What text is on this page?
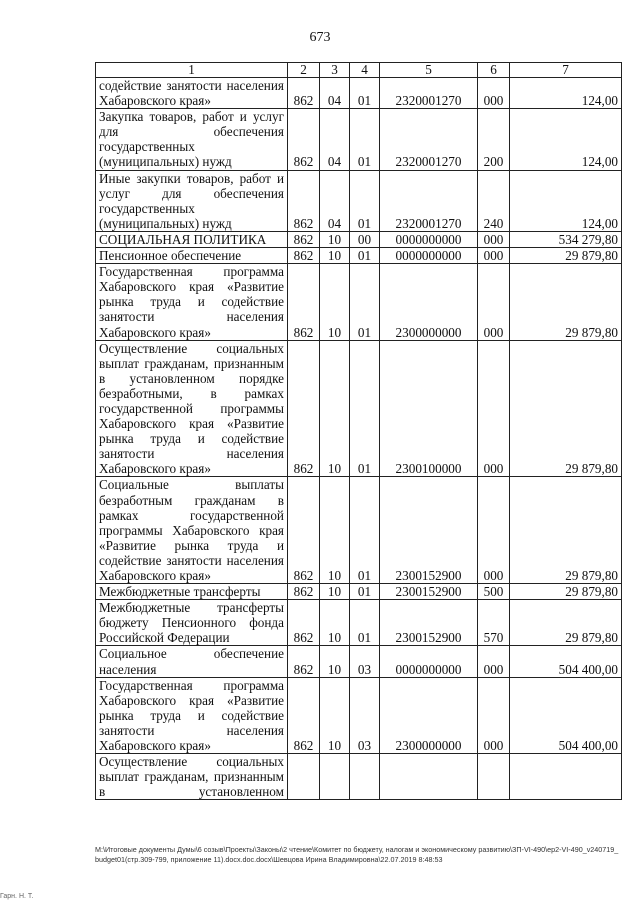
673
1	2	3	4	5	6	7
содействие занятости населения Хабаровского края»	862	04	01	2320001270	000	124,00
Закупка товаров, работ и услуг для обеспечения государственных (муниципальных) нужд	862	04	01	2320001270	200	124,00
Иные закупки товаров, работ и услуг для обеспечения государственных (муниципальных) нужд	862	04	01	2320001270	240	124,00
СОЦИАЛЬНАЯ ПОЛИТИКА	862	10	00	0000000000	000	534 279,80
Пенсионное обеспечение	862	10	01	0000000000	000	29 879,80
Государственная программа Хабаровского края «Развитие рынка труда и содействие занятости населения Хабаровского края»	862	10	01	2300000000	000	29 879,80
Осуществление социальных выплат гражданам, признанным в установленном порядке безработными, в рамках государственной программы Хабаровского края «Развитие рынка труда и содействие занятости населения Хабаровского края»	862	10	01	2300100000	000	29 879,80
Социальные выплаты безработным гражданам в рамках государственной программы Хабаровского края «Развитие рынка труда и содействие занятости населения Хабаровского края»	862	10	01	2300152900	000	29 879,80
Межбюджетные трансферты	862	10	01	2300152900	500	29 879,80
Межбюджетные трансферты бюджету Пенсионного фонда Российской Федерации	862	10	01	2300152900	570	29 879,80
Социальное обеспечение населения	862	10	03	0000000000	000	504 400,00
Государственная программа Хабаровского края «Развитие рынка труда и содействие занятости населения Хабаровского края»	862	10	03	2300000000	000	504 400,00
Осуществление социальных выплат гражданам, признанным в установленном						
M:\Итоговые документы Думы\6 созыв\Проекты\Законы\2 чтение\Комитет по бюджету, налогам и экономическому развитию\ЗП-VI-490\ер2-VI-490_v240719_budget01(стр.309-799, приложение 11).docx.doc.docx\Шевцова Ирина Владимировна\22.07.2019 8:48:53
Гарн. Н. Т.
